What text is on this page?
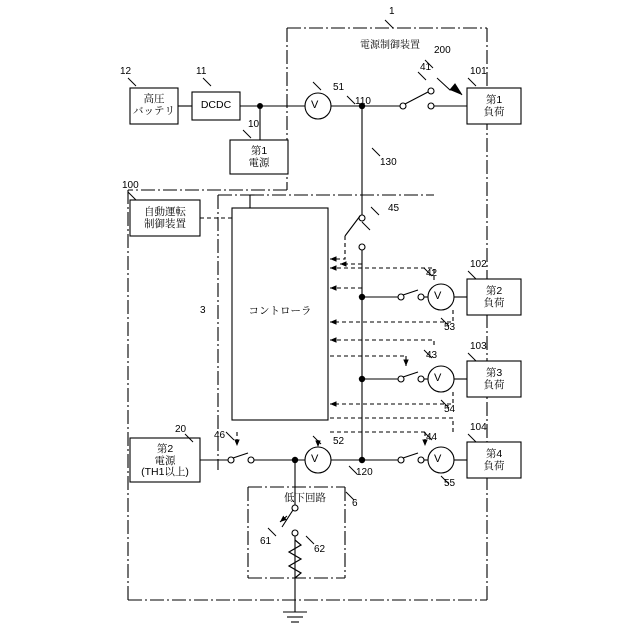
電源制御装置
1
高圧
バッテリ
12
DCDC
11
第1
電源
10
自動運転
制御装置
100
コントローラ
3
第2
電源
(TH1以上)
20
第1
負荷
101
第2
負荷
102
第3
負荷
103
第4
負荷
104
低下回路	6
V
V
V
V	V
51
110
130
45
200
41
42
43
44
53
54
55
52
120
46
61
62
